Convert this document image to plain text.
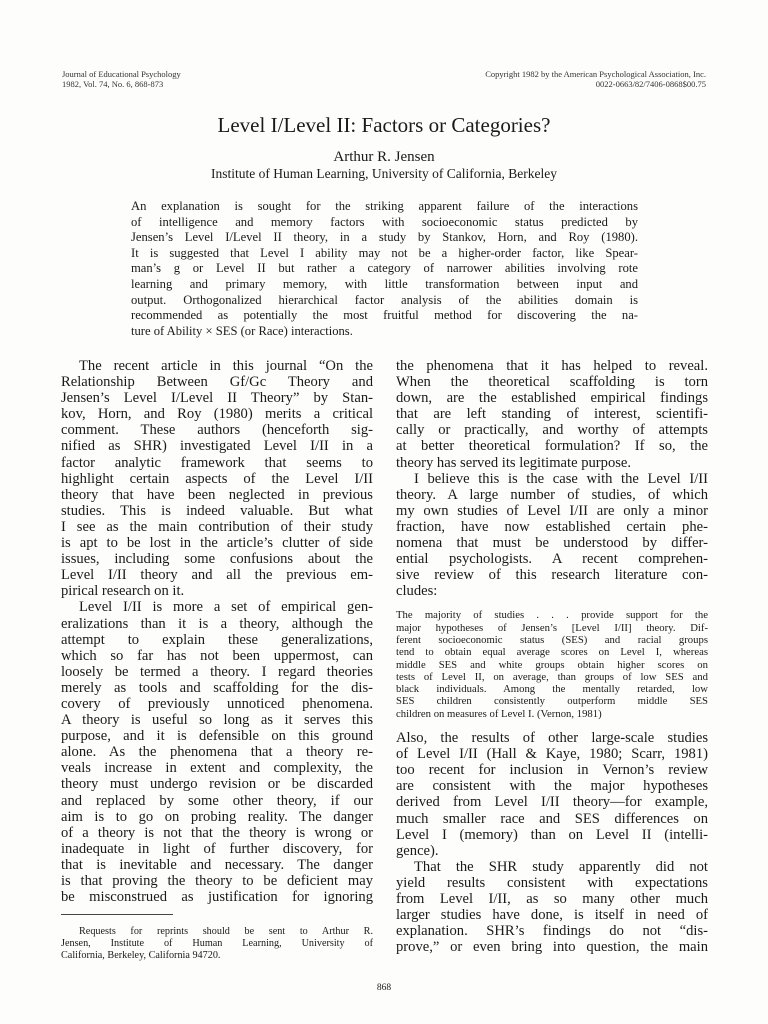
Journal of Educational Psychology
1982, Vol. 74, No. 6, 868-873
Copyright 1982 by the American Psychological Association, Inc.
0022-0663/82/7406-0868$00.75
Level I/Level II: Factors or Categories?
Arthur R. Jensen
Institute of Human Learning, University of California, Berkeley
An explanation is sought for the striking apparent failure of the interactions
of intelligence and memory factors with socioeconomic status predicted by
Jensen’s Level I/Level II theory, in a study by Stankov, Horn, and Roy (1980).
It is suggested that Level I ability may not be a higher-order factor, like Spear-
man’s g or Level II but rather a category of narrower abilities involving rote
learning and primary memory, with little transformation between input and
output. Orthogonalized hierarchical factor analysis of the abilities domain is
recommended as potentially the most fruitful method for discovering the na-
ture of Ability × SES (or Race) interactions.
The recent article in this journal “On the
Relationship Between Gf/Gc Theory and
Jensen’s Level I/Level II Theory” by Stan-
kov, Horn, and Roy (1980) merits a critical
comment. These authors (henceforth sig-
nified as SHR) investigated Level I/II in a
factor analytic framework that seems to
highlight certain aspects of the Level I/II
theory that have been neglected in previous
studies. This is indeed valuable. But what
I see as the main contribution of their study
is apt to be lost in the article’s clutter of side
issues, including some confusions about the
Level I/II theory and all the previous em-
pirical research on it.
Level I/II is more a set of empirical gen-
eralizations than it is a theory, although the
attempt to explain these generalizations,
which so far has not been uppermost, can
loosely be termed a theory. I regard theories
merely as tools and scaffolding for the dis-
covery of previously unnoticed phenomena.
A theory is useful so long as it serves this
purpose, and it is defensible on this ground
alone. As the phenomena that a theory re-
veals increase in extent and complexity, the
theory must undergo revision or be discarded
and replaced by some other theory, if our
aim is to go on probing reality. The danger
of a theory is not that the theory is wrong or
inadequate in light of further discovery, for
that is inevitable and necessary. The danger
is that proving the theory to be deficient may
be misconstrued as justification for ignoring
the phenomena that it has helped to reveal.
When the theoretical scaffolding is torn
down, are the established empirical findings
that are left standing of interest, scientifi-
cally or practically, and worthy of attempts
at better theoretical formulation? If so, the
theory has served its legitimate purpose.
I believe this is the case with the Level I/II
theory. A large number of studies, of which
my own studies of Level I/II are only a minor
fraction, have now established certain phe-
nomena that must be understood by differ-
ential psychologists. A recent comprehen-
sive review of this research literature con-
cludes:
The majority of studies . . . provide support for the
major hypotheses of Jensen’s [Level I/II] theory. Dif-
ferent socioeconomic status (SES) and racial groups
tend to obtain equal average scores on Level I, whereas
middle SES and white groups obtain higher scores on
tests of Level II, on average, than groups of low SES and
black individuals. Among the mentally retarded, low
SES children consistently outperform middle SES
children on measures of Level I. (Vernon, 1981)
Also, the results of other large-scale studies
of Level I/II (Hall & Kaye, 1980; Scarr, 1981)
too recent for inclusion in Vernon’s review
are consistent with the major hypotheses
derived from Level I/II theory—for example,
much smaller race and SES differences on
Level I (memory) than on Level II (intelli-
gence).
That the SHR study apparently did not
yield results consistent with expectations
from Level I/II, as so many other much
larger studies have done, is itself in need of
explanation. SHR’s findings do not “dis-
prove,” or even bring into question, the main
Requests for reprints should be sent to Arthur R.
Jensen, Institute of Human Learning, University of
California, Berkeley, California 94720.
868
